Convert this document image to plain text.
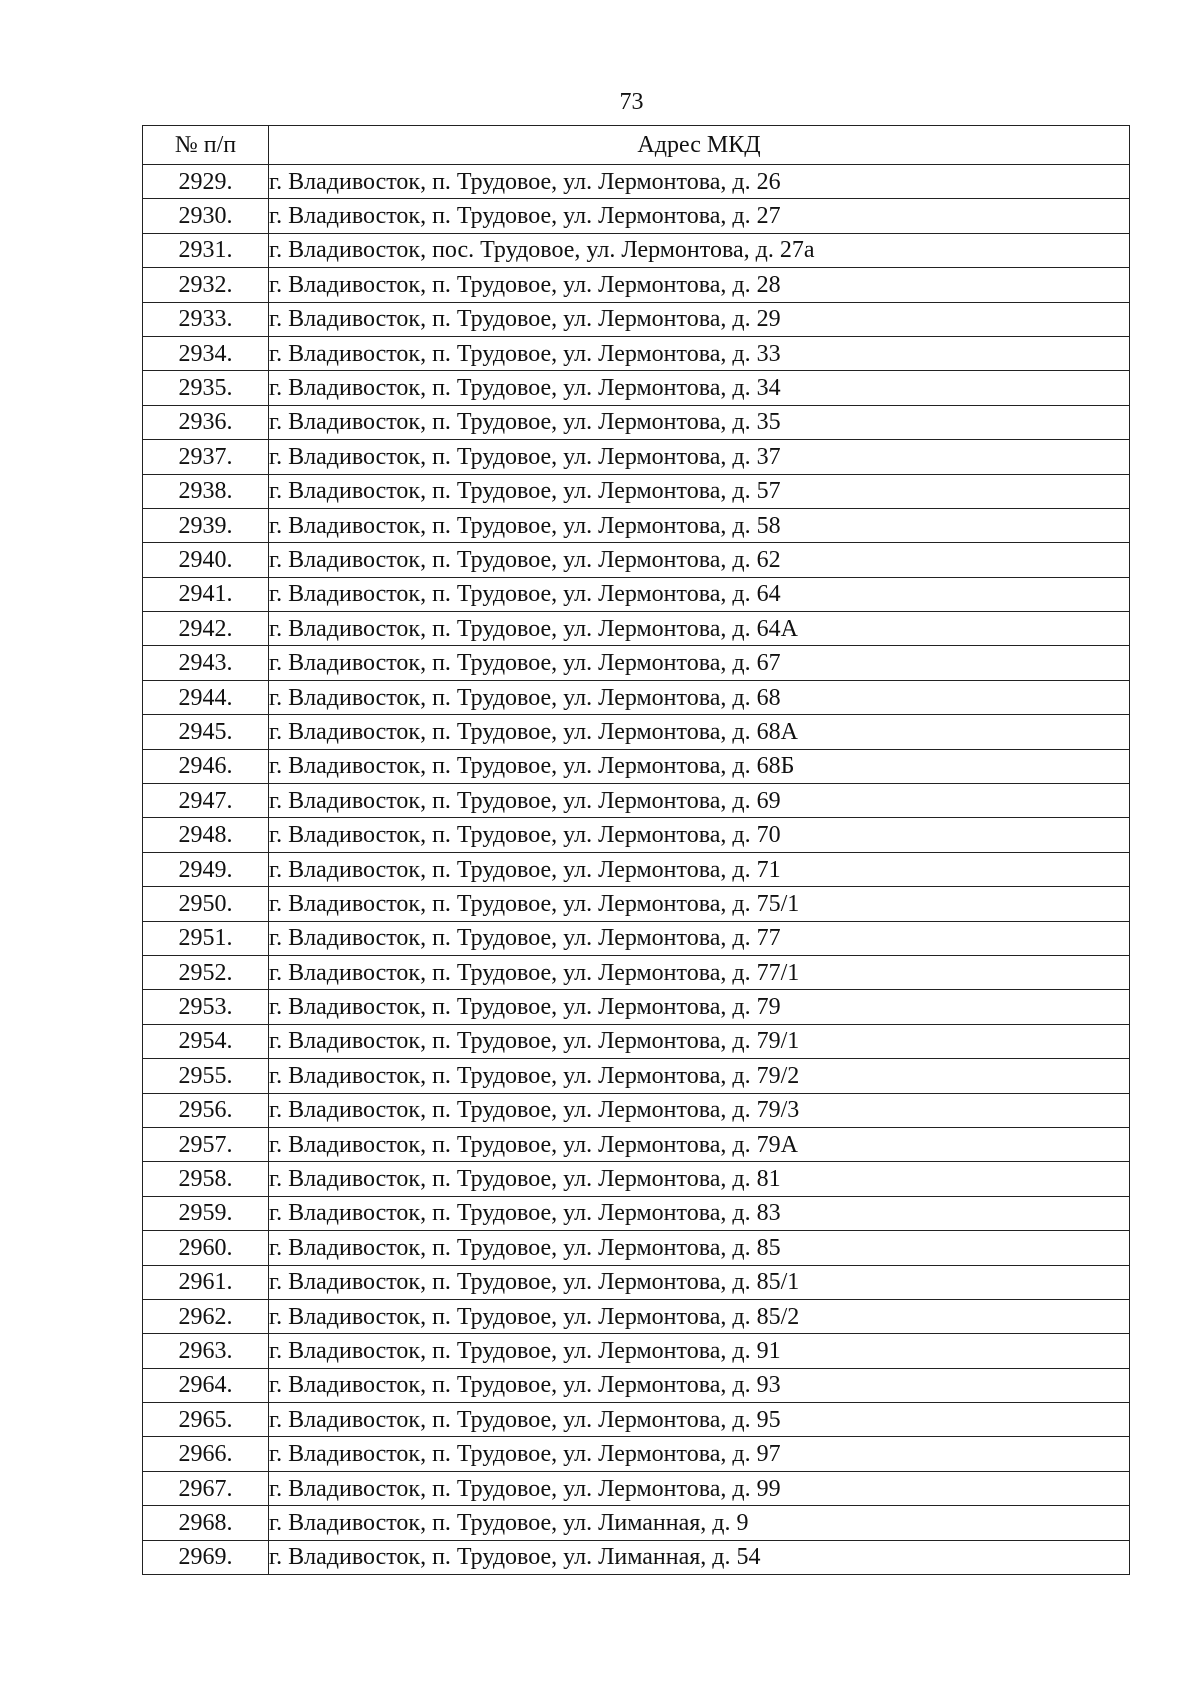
73
№ п/п	Адрес МКД
2929.	г. Владивосток, п. Трудовое, ул. Лермонтова, д. 26
2930.	г. Владивосток, п. Трудовое, ул. Лермонтова, д. 27
2931.	г. Владивосток, пос. Трудовое, ул. Лермонтова, д. 27а
2932.	г. Владивосток, п. Трудовое, ул. Лермонтова, д. 28
2933.	г. Владивосток, п. Трудовое, ул. Лермонтова, д. 29
2934.	г. Владивосток, п. Трудовое, ул. Лермонтова, д. 33
2935.	г. Владивосток, п. Трудовое, ул. Лермонтова, д. 34
2936.	г. Владивосток, п. Трудовое, ул. Лермонтова, д. 35
2937.	г. Владивосток, п. Трудовое, ул. Лермонтова, д. 37
2938.	г. Владивосток, п. Трудовое, ул. Лермонтова, д. 57
2939.	г. Владивосток, п. Трудовое, ул. Лермонтова, д. 58
2940.	г. Владивосток, п. Трудовое, ул. Лермонтова, д. 62
2941.	г. Владивосток, п. Трудовое, ул. Лермонтова, д. 64
2942.	г. Владивосток, п. Трудовое, ул. Лермонтова, д. 64А
2943.	г. Владивосток, п. Трудовое, ул. Лермонтова, д. 67
2944.	г. Владивосток, п. Трудовое, ул. Лермонтова, д. 68
2945.	г. Владивосток, п. Трудовое, ул. Лермонтова, д. 68А
2946.	г. Владивосток, п. Трудовое, ул. Лермонтова, д. 68Б
2947.	г. Владивосток, п. Трудовое, ул. Лермонтова, д. 69
2948.	г. Владивосток, п. Трудовое, ул. Лермонтова, д. 70
2949.	г. Владивосток, п. Трудовое, ул. Лермонтова, д. 71
2950.	г. Владивосток, п. Трудовое, ул. Лермонтова, д. 75/1
2951.	г. Владивосток, п. Трудовое, ул. Лермонтова, д. 77
2952.	г. Владивосток, п. Трудовое, ул. Лермонтова, д. 77/1
2953.	г. Владивосток, п. Трудовое, ул. Лермонтова, д. 79
2954.	г. Владивосток, п. Трудовое, ул. Лермонтова, д. 79/1
2955.	г. Владивосток, п. Трудовое, ул. Лермонтова, д. 79/2
2956.	г. Владивосток, п. Трудовое, ул. Лермонтова, д. 79/3
2957.	г. Владивосток, п. Трудовое, ул. Лермонтова, д. 79А
2958.	г. Владивосток, п. Трудовое, ул. Лермонтова, д. 81
2959.	г. Владивосток, п. Трудовое, ул. Лермонтова, д. 83
2960.	г. Владивосток, п. Трудовое, ул. Лермонтова, д. 85
2961.	г. Владивосток, п. Трудовое, ул. Лермонтова, д. 85/1
2962.	г. Владивосток, п. Трудовое, ул. Лермонтова, д. 85/2
2963.	г. Владивосток, п. Трудовое, ул. Лермонтова, д. 91
2964.	г. Владивосток, п. Трудовое, ул. Лермонтова, д. 93
2965.	г. Владивосток, п. Трудовое, ул. Лермонтова, д. 95
2966.	г. Владивосток, п. Трудовое, ул. Лермонтова, д. 97
2967.	г. Владивосток, п. Трудовое, ул. Лермонтова, д. 99
2968.	г. Владивосток, п. Трудовое, ул. Лиманная, д. 9
2969.	г. Владивосток, п. Трудовое, ул. Лиманная, д. 54
